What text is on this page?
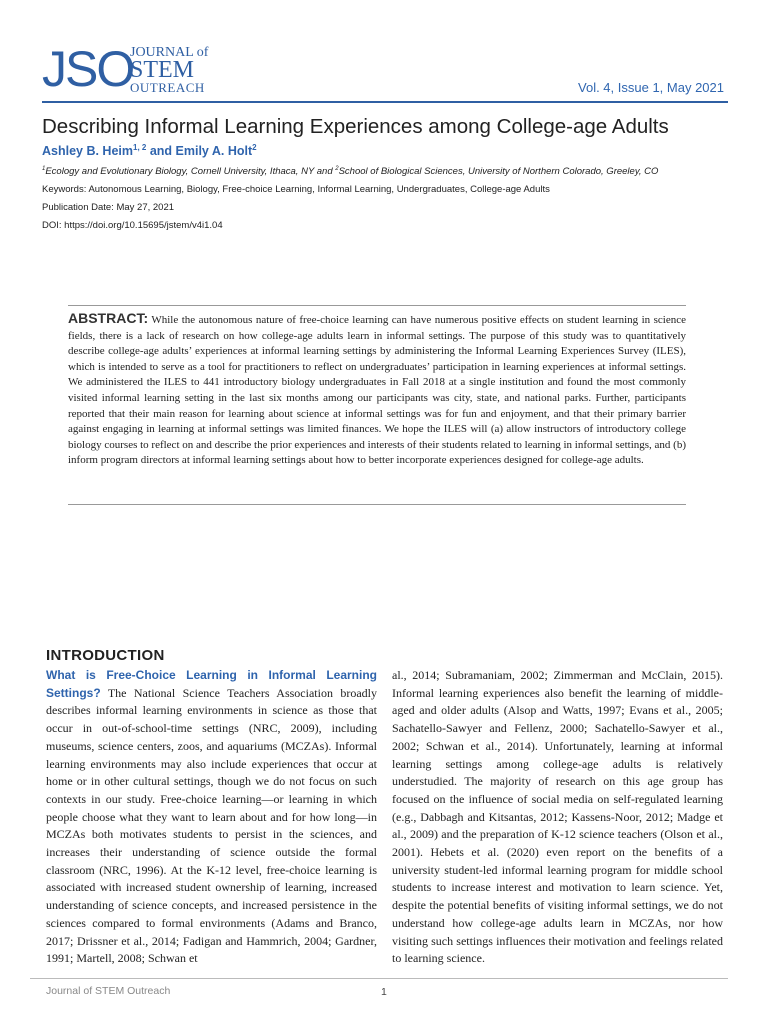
JSO
JOURNAL of
STEM
OUTREACH	Vol. 4, Issue 1, May 2021
Describing Informal Learning Experiences among College-age Adults
Ashley B. Heim$^{1, 2}$ and Emily A. Holt$^2$
$^1$Ecology and Evolutionary Biology, Cornell University, Ithaca, NY and $^2$School of Biological Sciences, University of Northern Colorado, Greeley, CO
Keywords: Autonomous Learning, Biology, Free-choice Learning, Informal Learning, Undergraduates, College-age Adults
Publication Date: May 27, 2021
DOI: https://doi.org/10.15695/jstem/v4i1.04
ABSTRACT: While the autonomous nature of free-choice learning can have numerous positive effects on student learning in science fields, there is a lack of research on how college-age adults learn in informal settings. The purpose of this study was to quantitatively describe college-age adults’ experiences at informal learning settings by administering the Informal Learning Experiences Survey (ILES), which is intended to serve as a tool for practitioners to reflect on undergraduates’ participation in learning experiences at informal settings. We administered the ILES to 441 introductory biology undergraduates in Fall 2018 at a single institution and found the most commonly visited informal learning setting in the last six months among our participants was city, state, and national parks. Further, participants reported that their main reason for learning about science at informal settings was for fun and enjoyment, and that their primary barrier against engaging in learning at informal settings was limited finances. We hope the ILES will (a) allow instructors of introductory college biology courses to reflect on and describe the prior experiences and interests of their students related to learning in informal settings, and (b) inform program directors at informal learning settings about how to better incorporate experiences designed for college-age adults.
INTRODUCTION
What is Free-Choice Learning in Informal Learning Settings? The National Science Teachers Association broadly describes informal learning environments in science as those that occur in out-of-school-time settings (NRC, 2009), including museums, science centers, zoos, and aquariums (MCZAs). Informal learning environments may also include experiences that occur at home or in other cultural settings, though we do not focus on such contexts in our study. Free-choice learning—or learning in which people choose what they want to learn about and for how long—in MCZAs both motivates students to persist in the sciences, and increases their understanding of science outside the formal classroom (NRC, 1996). At the K-12 level, free-choice learning is associated with increased student ownership of learning, increased understanding of science concepts, and increased persistence in the sciences compared to formal environments (Adams and Branco, 2017; Drissner et al., 2014; Fadigan and Hammrich, 2004; Gardner, 1991; Martell, 2008; Schwan et
al., 2014; Subramaniam, 2002; Zimmerman and McClain, 2015). Informal learning experiences also benefit the learning of middle-aged and older adults (Alsop and Watts, 1997; Evans et al., 2005; Sachatello-Sawyer and Fellenz, 2000; Sachatello-Sawyer et al., 2002; Schwan et al., 2014). Unfortunately, learning at informal learning settings among college-age adults is relatively understudied. The majority of research on this age group has focused on the influence of social media on self-regulated learning (e.g., Dabbagh and Kitsantas, 2012; Kassens-Noor, 2012; Madge et al., 2009) and the preparation of K-12 science teachers (Olson et al., 2001). Hebets et al. (2020) even report on the benefits of a university student-led informal learning program for middle school students to increase interest and motivation to learn science. Yet, despite the potential benefits of visiting informal settings, we do not understand how college-age adults learn in MCZAs, nor how visiting such settings influences their motivation and feelings related to learning science.
Journal of STEM Outreach	1
